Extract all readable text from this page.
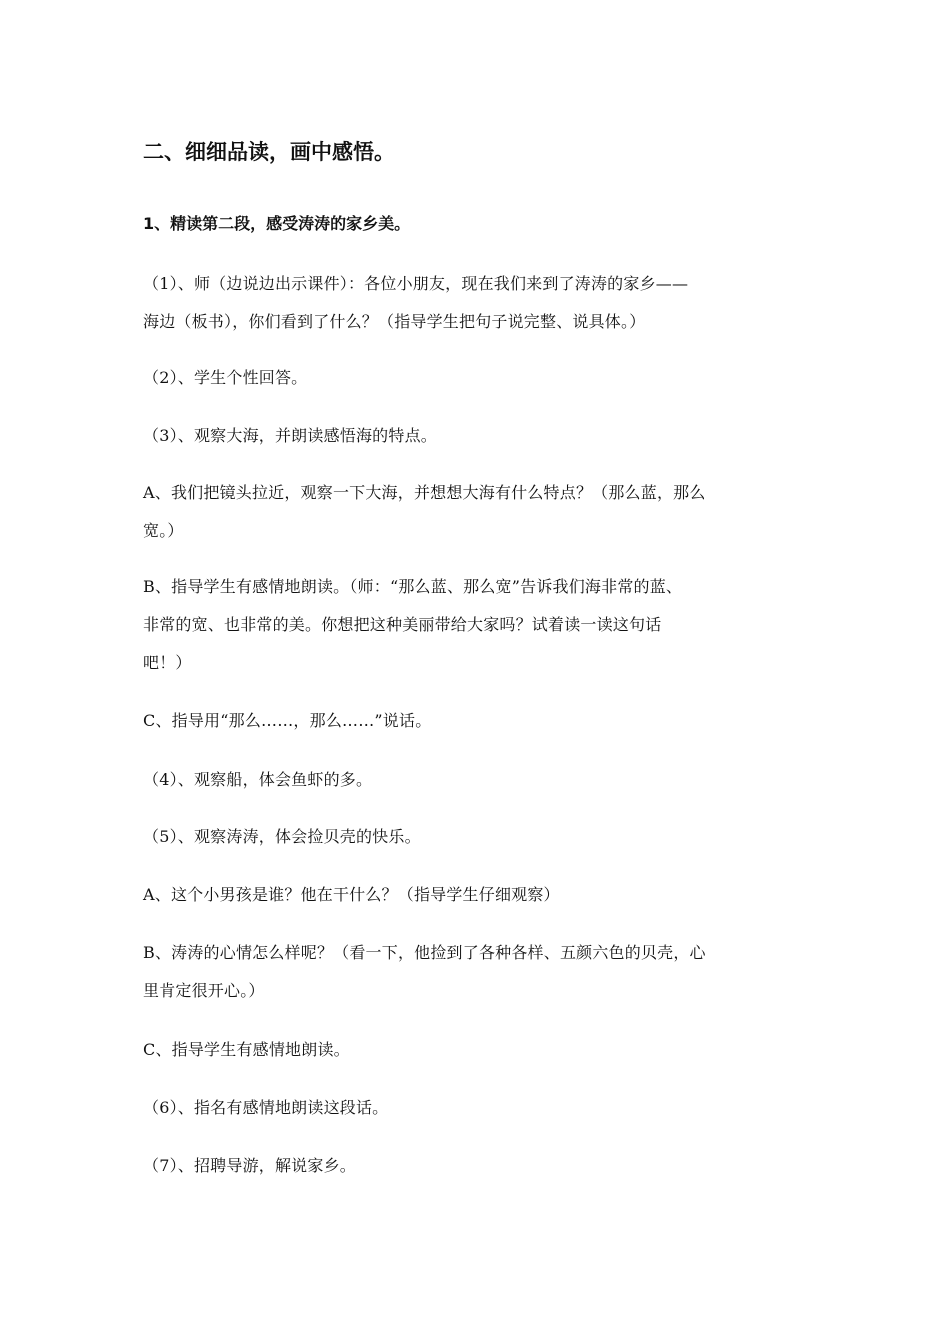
二、细细品读，画中感悟。
1、精读第二段，感受涛涛的家乡美。
（1）、师（边说边出示课件）：各位小朋友，现在我们来到了涛涛的家乡——
海边（板书），你们看到了什么？（指导学生把句子说完整、说具体。）
（2）、学生个性回答。
（3）、观察大海，并朗读感悟海的特点。
A、我们把镜头拉近，观察一下大海，并想想大海有什么特点？（那么蓝，那么
宽。）
B、指导学生有感情地朗读。（师：“那么蓝、那么宽”告诉我们海非常的蓝、
非常的宽、也非常的美。你想把这种美丽带给大家吗？试着读一读这句话
吧！）
C、指导用“那么……，那么……”说话。
（4）、观察船，体会鱼虾的多。
（5）、观察涛涛，体会捡贝壳的快乐。
A、这个小男孩是谁？他在干什么？（指导学生仔细观察）
B、涛涛的心情怎么样呢？（看一下，他捡到了各种各样、五颜六色的贝壳，心
里肯定很开心。）
C、指导学生有感情地朗读。
（6）、指名有感情地朗读这段话。
（7）、招聘导游，解说家乡。
